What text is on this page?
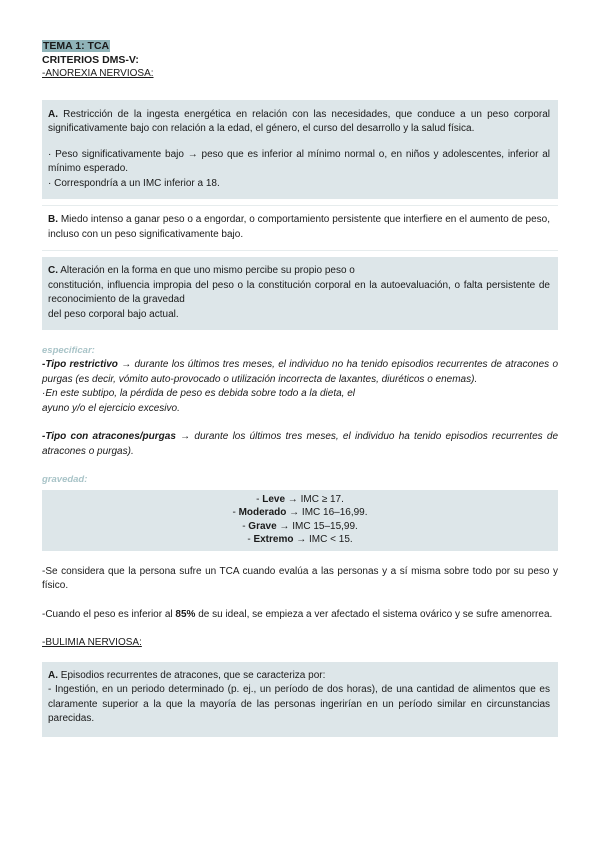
TEMA 1: TCA
CRITERIOS DMS-V:
-ANOREXIA NERVIOSA:

A. Restricción de la ingesta energética en relación con las necesidades, que conduce a un peso corporal significativamente bajo con relación a la edad, el género, el curso del desarrollo y la salud física.

· Peso significativamente bajo → peso que es inferior al mínimo normal o, en niños y adolescentes, inferior al mínimo esperado.

· Correspondría a un IMC inferior a 18.

B. Miedo intenso a ganar peso o a engordar, o comportamiento persistente que interfiere en el aumento de peso, incluso con un peso significativamente bajo.

C. Alteración en la forma en que uno mismo percibe su propio peso o

constitución, influencia impropia del peso o la constitución corporal en la autoevaluación, o falta persistente de reconocimiento de la gravedad

del peso corporal bajo actual.

especificar:

-Tipo restrictivo → durante los últimos tres meses, el individuo no ha tenido episodios recurrentes de atracones o purgas (es decir, vómito auto-provocado o utilización incorrecta de laxantes, diuréticos o enemas).

·En este subtipo, la pérdida de peso es debida sobre todo a la dieta, el

ayuno y/o el ejercicio excesivo.

-Tipo con atracones/purgas → durante los últimos tres meses, el individuo ha tenido episodios recurrentes de atracones o purgas).

gravedad:
- Leve → IMC ≥ 17.
- Moderado → IMC 16–16,99.
- Grave → IMC 15–15,99.
- Extremo → IMC < 15.

-Se considera que la persona sufre un TCA cuando evalúa a las personas y a sí misma sobre todo por su peso y físico.

-Cuando el peso es inferior al 85% de su ideal, se empieza a ver afectado el sistema ovárico y se sufre amenorrea.

-BULIMIA NERVIOSA:

A. Episodios recurrentes de atracones, que se caracteriza por:

- Ingestión, en un periodo determinado (p. ej., un período de dos horas), de una cantidad de alimentos que es claramente superior a la que la mayoría de las personas ingerirían en un período similar en circunstancias parecidas.
